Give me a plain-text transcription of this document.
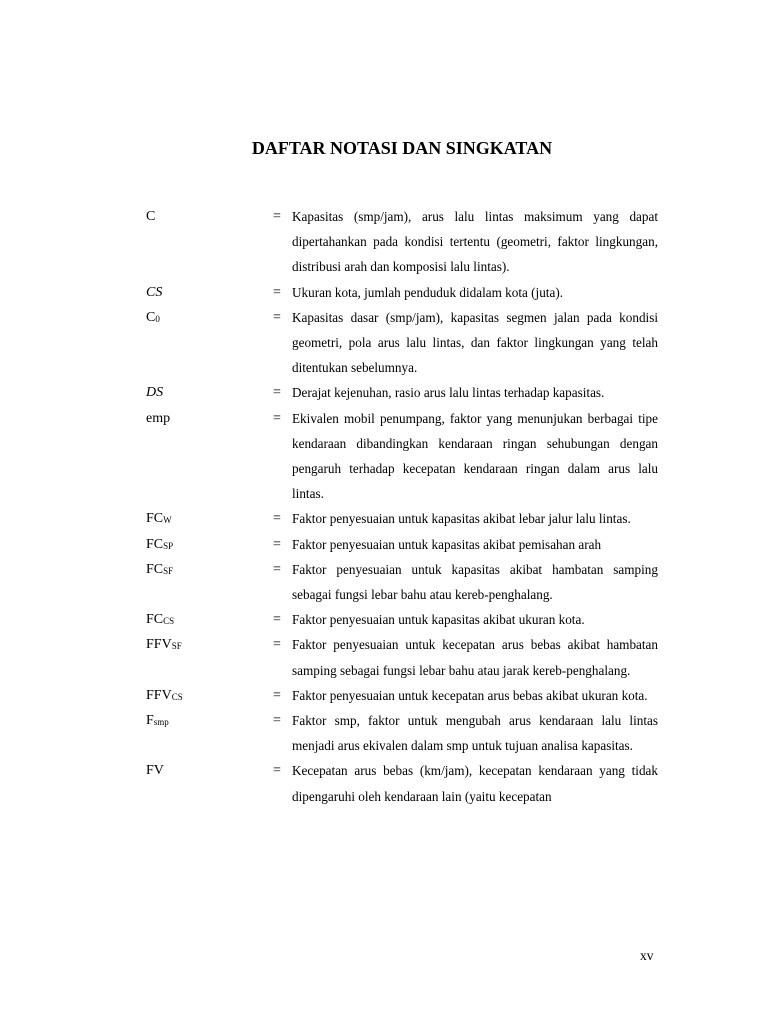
DAFTAR NOTASI DAN SINGKATAN
C	= Kapasitas (smp/jam), arus lalu lintas maksimum yang dapat dipertahankan pada kondisi tertentu (geometri, faktor lingkungan, distribusi arah dan komposisi lalu lintas).
CS	= Ukuran kota, jumlah penduduk didalam kota (juta).
$C_0$	= Kapasitas dasar (smp/jam), kapasitas segmen jalan pada kondisi geometri, pola arus lalu lintas, dan faktor lingkungan yang telah ditentukan sebelumnya.
DS	= Derajat kejenuhan, rasio arus lalu lintas terhadap kapasitas.
emp	= Ekivalen mobil penumpang, faktor yang menunjukan berbagai tipe kendaraan dibandingkan kendaraan ringan sehubungan dengan pengaruh terhadap kecepatan kendaraan ringan dalam arus lalu lintas.
$FC_W$	= Faktor penyesuaian untuk kapasitas akibat lebar jalur lalu lintas.
$FC_{SP}$	= Faktor penyesuaian untuk kapasitas akibat pemisahan arah
$FC_{SF}$	= Faktor penyesuaian untuk kapasitas akibat hambatan samping sebagai fungsi lebar bahu atau kereb-penghalang.
$FC_{CS}$	= Faktor penyesuaian untuk kapasitas akibat ukuran kota.
$FFV_{SF}$	= Faktor penyesuaian untuk kecepatan arus bebas akibat hambatan samping sebagai fungsi lebar bahu atau jarak kereb-penghalang.
$FFV_{CS}$	= Faktor penyesuaian untuk kecepatan arus bebas akibat ukuran kota.
$F_{smp}$	= Faktor smp, faktor untuk mengubah arus kendaraan lalu lintas menjadi arus ekivalen dalam smp untuk tujuan analisa kapasitas.
FV	= Kecepatan arus bebas (km/jam), kecepatan kendaraan yang tidak dipengaruhi oleh kendaraan lain (yaitu kecepatan
xv
